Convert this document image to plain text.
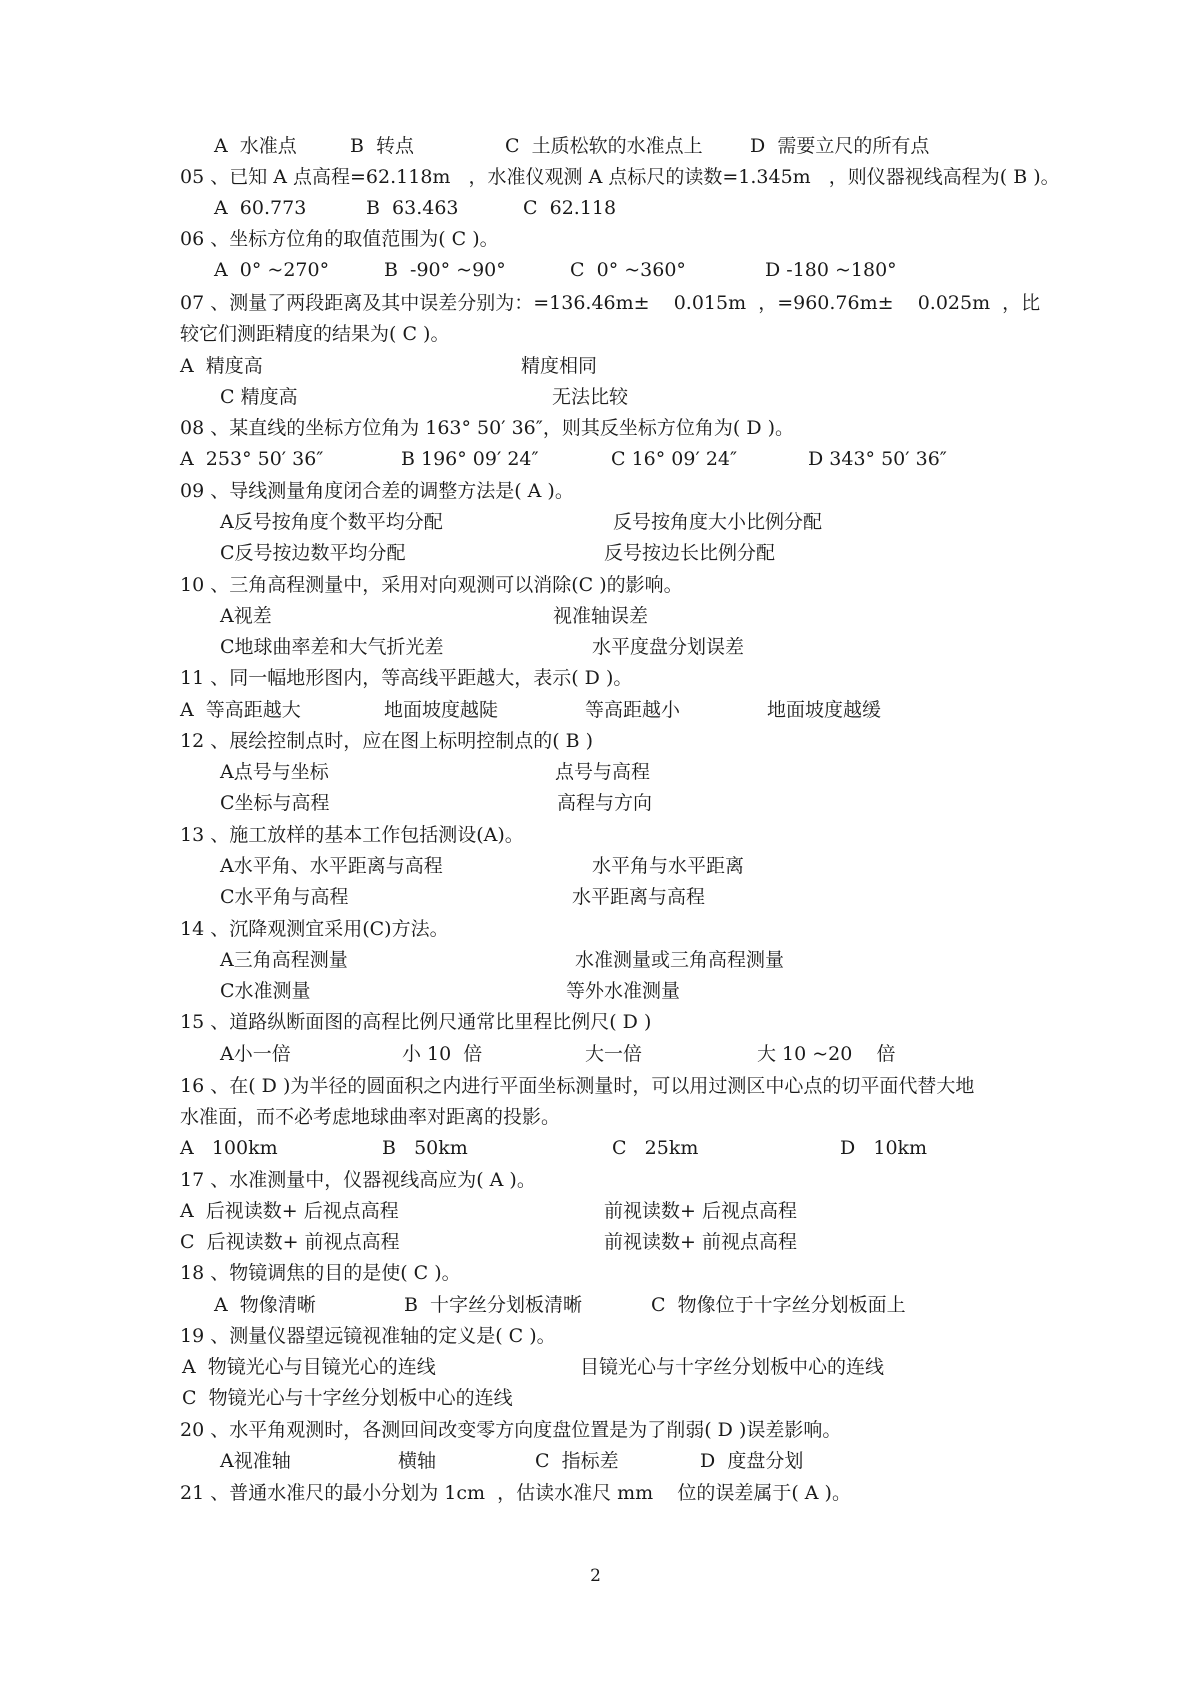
A  水准点	B  转点	C  土质松软的水准点上 D  需要立尺的所有点
05 、已知 A 点高程=62.118m   ，水准仪观测 A 点标尺的读数=1.345m   ，则仪器视线高程为( B )。
A  60.773	B  63.463	C  62.118
06 、坐标方位角的取值范围为( C )。
A  0° ~270°	B  -90° ~90°	C  0° ~360°	D -180 ~180°
07 、测量了两段距离及其中误差分别为：=136.46m±    0.015m  ，=960.76m±    0.025m  ，比
较它们测距精度的结果为( C )。
A  精度高	精度相同
C 精度高	无法比较
08 、某直线的坐标方位角为 163° 50′ 36″，则其反坐标方位角为( D )。
A  253° 50′ 36″	B 196° 09′ 24″	C 16° 09′ 24″	D 343° 50′ 36″
09 、导线测量角度闭合差的调整方法是( A )。
A反号按角度个数平均分配	反号按角度大小比例分配
C反号按边数平均分配	反号按边长比例分配
10 、三角高程测量中，采用对向观测可以消除(C )的影响。
A视差	视准轴误差
C地球曲率差和大气折光差	水平度盘分划误差
11 、同一幅地形图内，等高线平距越大，表示( D )。
A  等高距越大	地面坡度越陡	等高距越小	地面坡度越缓
12 、展绘控制点时，应在图上标明控制点的( B )
A点号与坐标	点号与高程
C坐标与高程	高程与方向
13 、施工放样的基本工作包括测设(A)。
A水平角、水平距离与高程	水平角与水平距离
C水平角与高程	水平距离与高程
14 、沉降观测宜采用(C)方法。
A三角高程测量	水准测量或三角高程测量
C水准测量	等外水准测量
15 、道路纵断面图的高程比例尺通常比里程比例尺( D )
A小一倍	小 10  倍	大一倍	大 10 ~20    倍
16 、在( D )为半径的圆面积之内进行平面坐标测量时，可以用过测区中心点的切平面代替大地
水准面，而不必考虑地球曲率对距离的投影。
A   100km	B   50km	C   25km	D   10km
17 、水准测量中，仪器视线高应为( A )。
A  后视读数+ 后视点高程	前视读数+ 后视点高程
C  后视读数+ 前视点高程	前视读数+ 前视点高程
18 、物镜调焦的目的是使( C )。
A  物像清晰	B  十字丝分划板清晰	C  物像位于十字丝分划板面上
19 、测量仪器望远镜视准轴的定义是( C )。
A  物镜光心与目镜光心的连线	目镜光心与十字丝分划板中心的连线
C  物镜光心与十字丝分划板中心的连线
20 、水平角观测时，各测回间改变零方向度盘位置是为了削弱( D )误差影响。
A视准轴	横轴	C  指标差	D  度盘分划
21 、普通水准尺的最小分划为 1cm  ，估读水准尺 mm    位的误差属于( A )。
2
